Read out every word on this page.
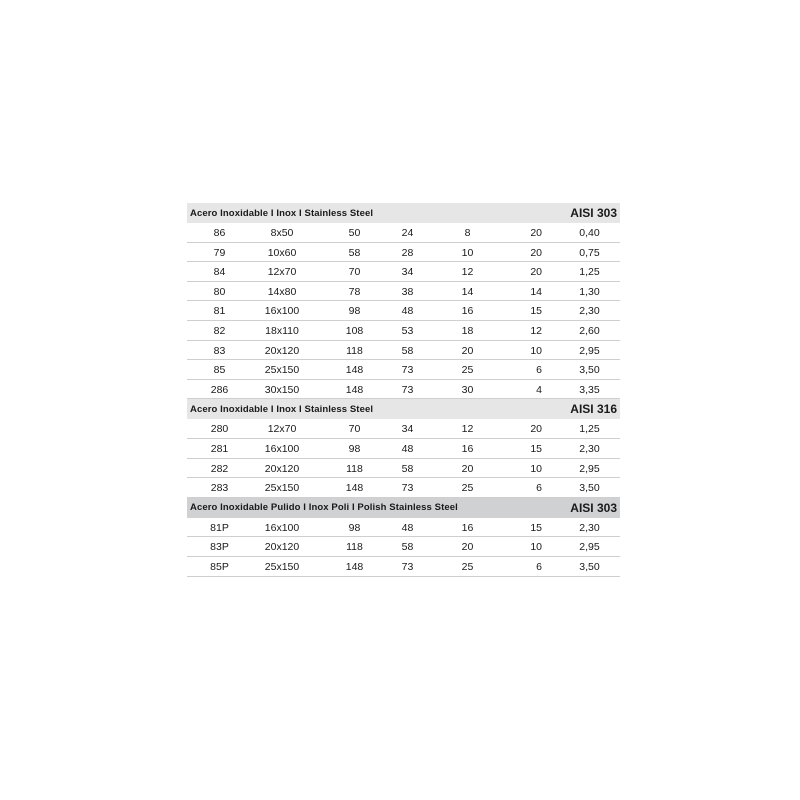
Acero Inoxidable I Inox I Stainless Steel	AISI 303
86	8x50	50	24	8	20	0,40
79	10x60	58	28	10	20	0,75
84	12x70	70	34	12	20	1,25
80	14x80	78	38	14	14	1,30
81	16x100	98	48	16	15	2,30
82	18x110	108	53	18	12	2,60
83	20x120	118	58	20	10	2,95
85	25x150	148	73	25	6	3,50
286	30x150	148	73	30	4	3,35
Acero Inoxidable I Inox I Stainless Steel	AISI 316
280	12x70	70	34	12	20	1,25
281	16x100	98	48	16	15	2,30
282	20x120	118	58	20	10	2,95
283	25x150	148	73	25	6	3,50
Acero Inoxidable Pulido I Inox Poli I Polish Stainless Steel	AISI 303
81P	16x100	98	48	16	15	2,30
83P	20x120	118	58	20	10	2,95
85P	25x150	148	73	25	6	3,50
